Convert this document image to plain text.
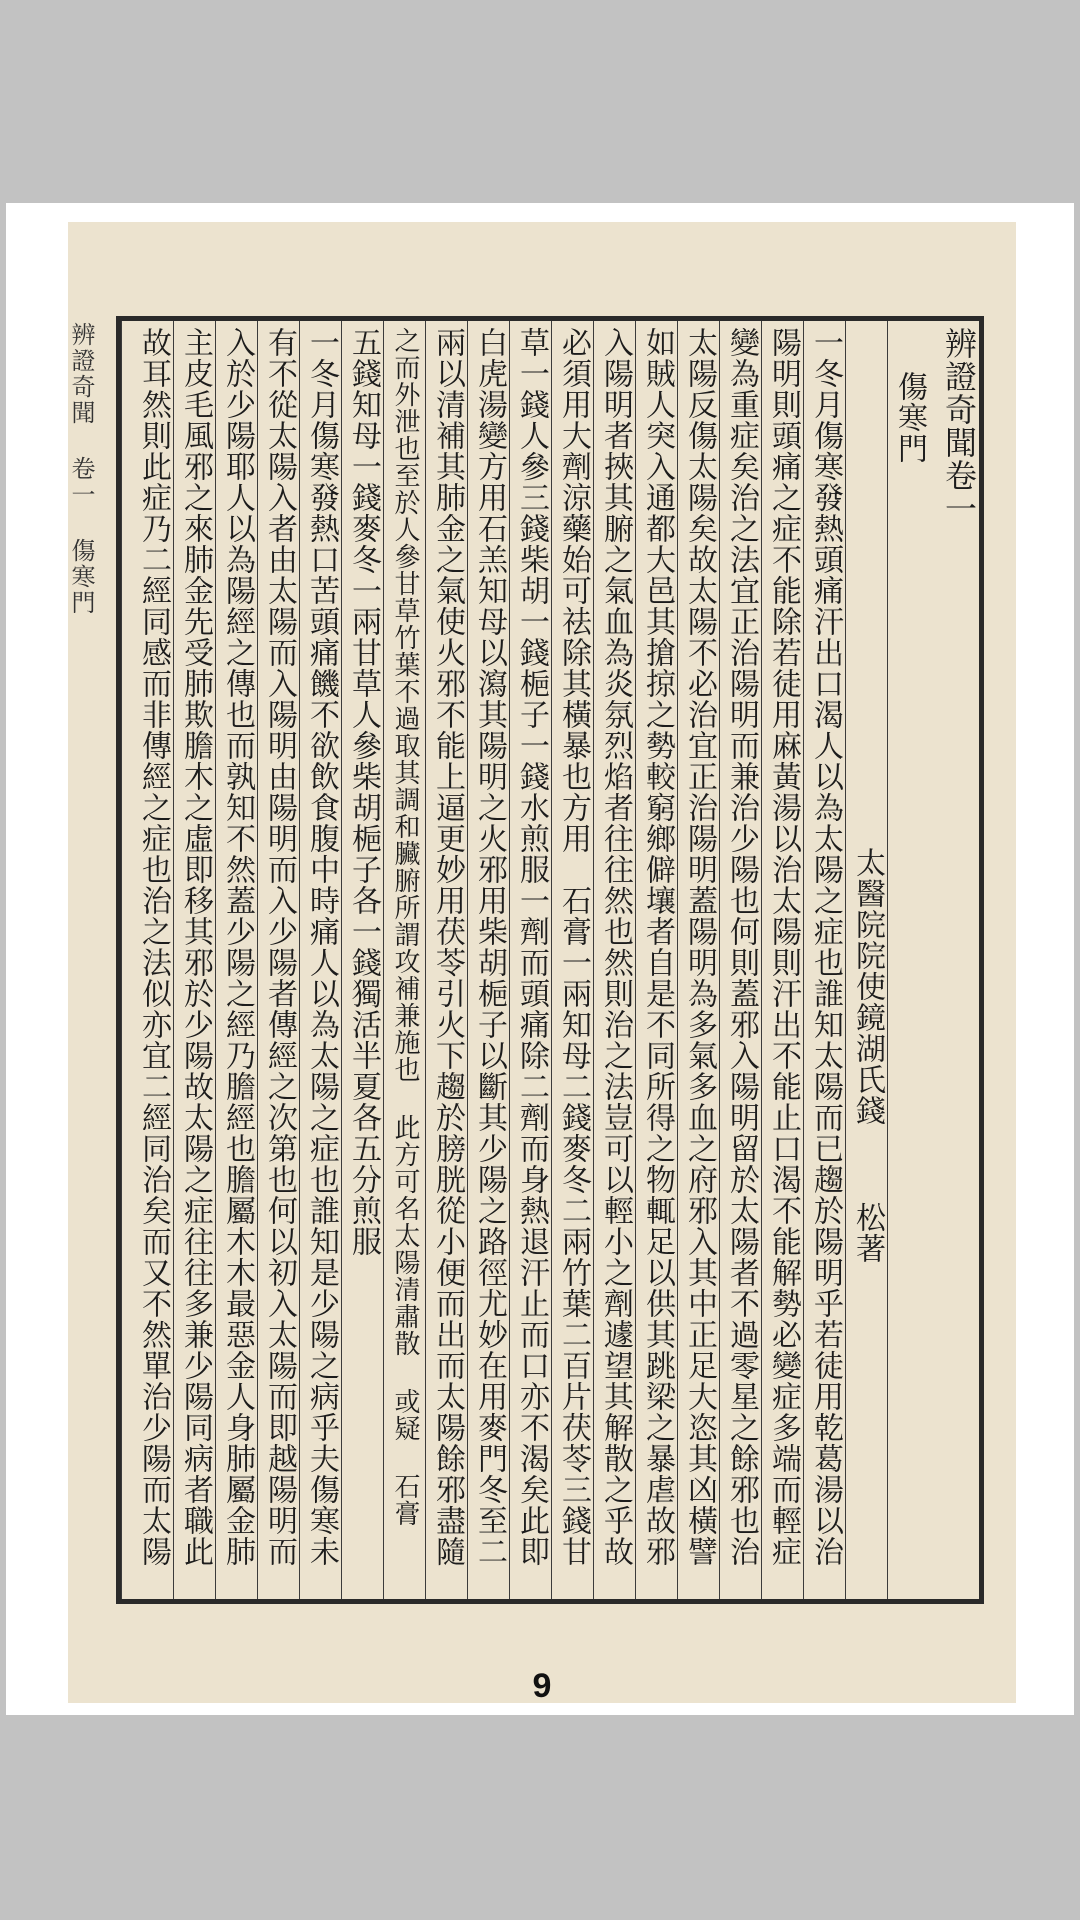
辨證奇聞 卷一 傷寒門	辨證奇聞卷一
傷寒門
太醫院院使鏡湖氏錢 松著
一冬月傷寒發熱頭痛汗出口渴人以為太陽之症也誰知太陽而已趨於陽明乎若徒用乾葛湯以治
陽明則頭痛之症不能除若徒用麻黃湯以治太陽則汗出不能止口渴不能解勢必變症多端而輕症
變為重症矣治之法宜正治陽明而兼治少陽也何則蓋邪入陽明留於太陽者不過零星之餘邪也治
太陽反傷太陽矣故太陽不必治宜正治陽明蓋陽明為多氣多血之府邪入其中正足大恣其凶橫譬
如賊人突入通都大邑其搶掠之勢較窮鄉僻壤者自是不同所得之物輒足以供其跳梁之暴虐故邪
入陽明者挾其腑之氣血為炎氛烈焰者往往然也然則治之法豈可以輕小之劑遽望其解散之乎故
必須用大劑涼藥始可祛除其橫暴也方用　石膏一兩知母二錢麥冬二兩竹葉二百片茯苓三錢甘
草一錢人參三錢柴胡一錢梔子一錢水煎服一劑而頭痛除二劑而身熱退汗止而口亦不渴矣此即
白虎湯變方用石羔知母以瀉其陽明之火邪用柴胡梔子以斷其少陽之路徑尤妙在用麥門冬至二
兩以清補其肺金之氣使火邪不能上逼更妙用茯苓引火下趨於膀胱從小便而出而太陽餘邪盡隨
之而外泄也至於人參甘草竹葉不過取其調和臟腑所謂攻補兼施也 此方可名太陽清肅散 或疑 石膏
五錢知母一錢麥冬一兩甘草人參柴胡梔子各一錢獨活半夏各五分煎服
一冬月傷寒發熱口苦頭痛饑不欲飲食腹中時痛人以為太陽之症也誰知是少陽之病乎夫傷寒未
有不從太陽入者由太陽而入陽明由陽明而入少陽者傳經之次第也何以初入太陽而即越陽明而
入於少陽耶人以為陽經之傳也而孰知不然蓋少陽之經乃膽經也膽屬木木最惡金人身肺屬金肺
主皮毛風邪之來肺金先受肺欺膽木之虛即移其邪於少陽故太陽之症往往多兼少陽同病者職此
故耳然則此症乃二經同感而非傳經之症也治之法似亦宜二經同治矣而又不然單治少陽而太陽
9
